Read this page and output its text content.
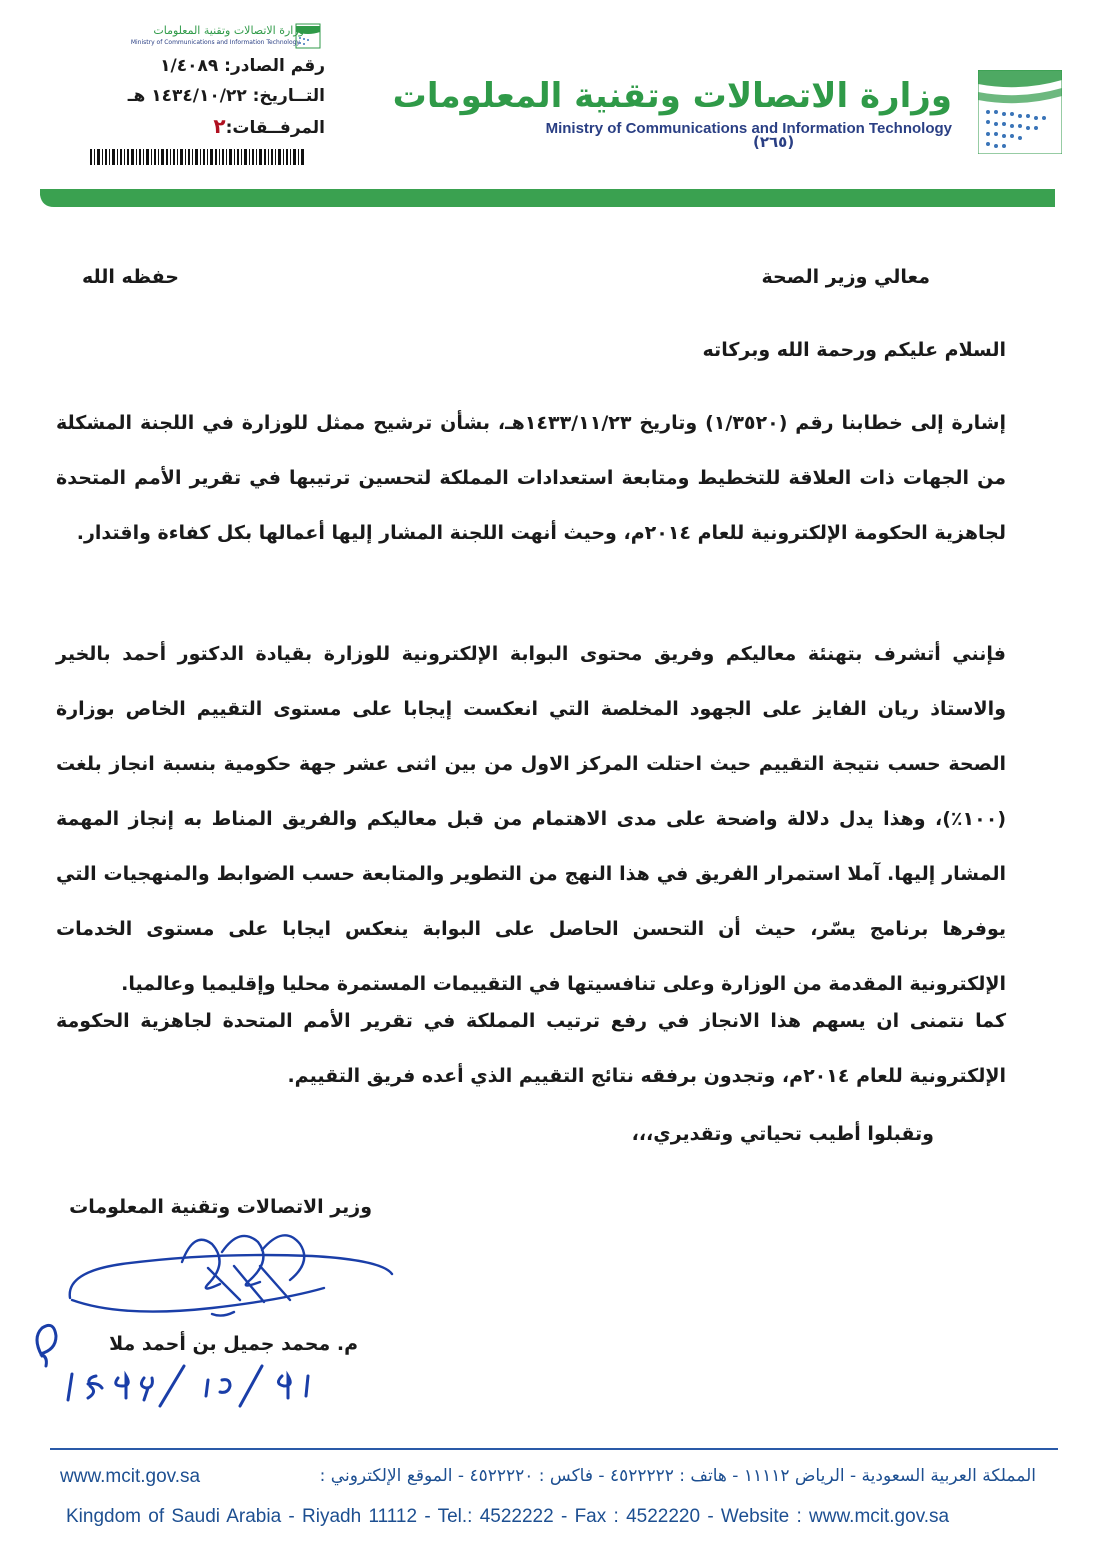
وزارة الاتصالات وتقنية المعلومات
Ministry of Communications and Information Technology
(٢٦٥)
وزارة الاتصالات وتقنية المعلومات
Ministry of Communications and Information Technology
رقم الصادر: ١/٤٠٨٩
التــاريخ: ١٤٣٤/١٠/٢٢ هـ
المرفــقات:٢
معالي وزير الصحة
حفظه الله
السلام عليكم ورحمة الله وبركاته
إشارة إلى خطابنا رقم (١/٣٥٢٠) وتاريخ ١٤٣٣/١١/٢٣هـ، بشأن ترشيح ممثل للوزارة في اللجنة المشكلة من الجهات ذات العلاقة للتخطيط ومتابعة استعدادات المملكة لتحسين ترتيبها في تقرير الأمم المتحدة لجاهزية الحكومة الإلكترونية للعام ٢٠١٤م، وحيث أنهت اللجنة المشار إليها أعمالها بكل كفاءة واقتدار.
فإنني أتشرف بتهنئة معاليكم وفريق محتوى البوابة الإلكترونية للوزارة بقيادة الدكتور أحمد بالخير والاستاذ ريان الفايز على الجهود المخلصة التي انعكست إيجابا على مستوى التقييم الخاص بوزارة الصحة حسب نتيجة التقييم حيث احتلت المركز الاول من بين اثنى عشر جهة حكومية بنسبة انجاز بلغت (١٠٠٪)، وهذا يدل دلالة واضحة على مدى الاهتمام من قبل معاليكم والفريق المناط به إنجاز المهمة المشار إليها. آملا استمرار الفريق في هذا النهج من التطوير والمتابعة حسب الضوابط والمنهجيات التي يوفرها برنامج يسّر، حيث أن التحسن الحاصل على البوابة ينعكس ايجابا على مستوى الخدمات الإلكترونية المقدمة من الوزارة وعلى تنافسيتها في التقييمات المستمرة محليا وإقليميا وعالميا.
كما نتمنى ان يسهم هذا الانجاز في رفع ترتيب المملكة في تقرير الأمم المتحدة لجاهزية الحكومة الإلكترونية للعام ٢٠١٤م، وتجدون برفقه نتائج التقييم الذي أعده فريق التقييم.
وتقبلوا أطيب تحياتي وتقديري،،،
وزير الاتصالات وتقنية المعلومات
م. محمد جميل بن أحمد ملا
www.mcit.gov.sa	المملكة العربية السعودية - الرياض ١١١١٢ - هاتف : ٤٥٢٢٢٢٢ - فاكس : ٤٥٢٢٢٢٠ - الموقع الإلكتروني :
Kingdom of Saudi Arabia - Riyadh 11112 - Tel.: 4522222 - Fax : 4522220 - Website : www.mcit.gov.sa
